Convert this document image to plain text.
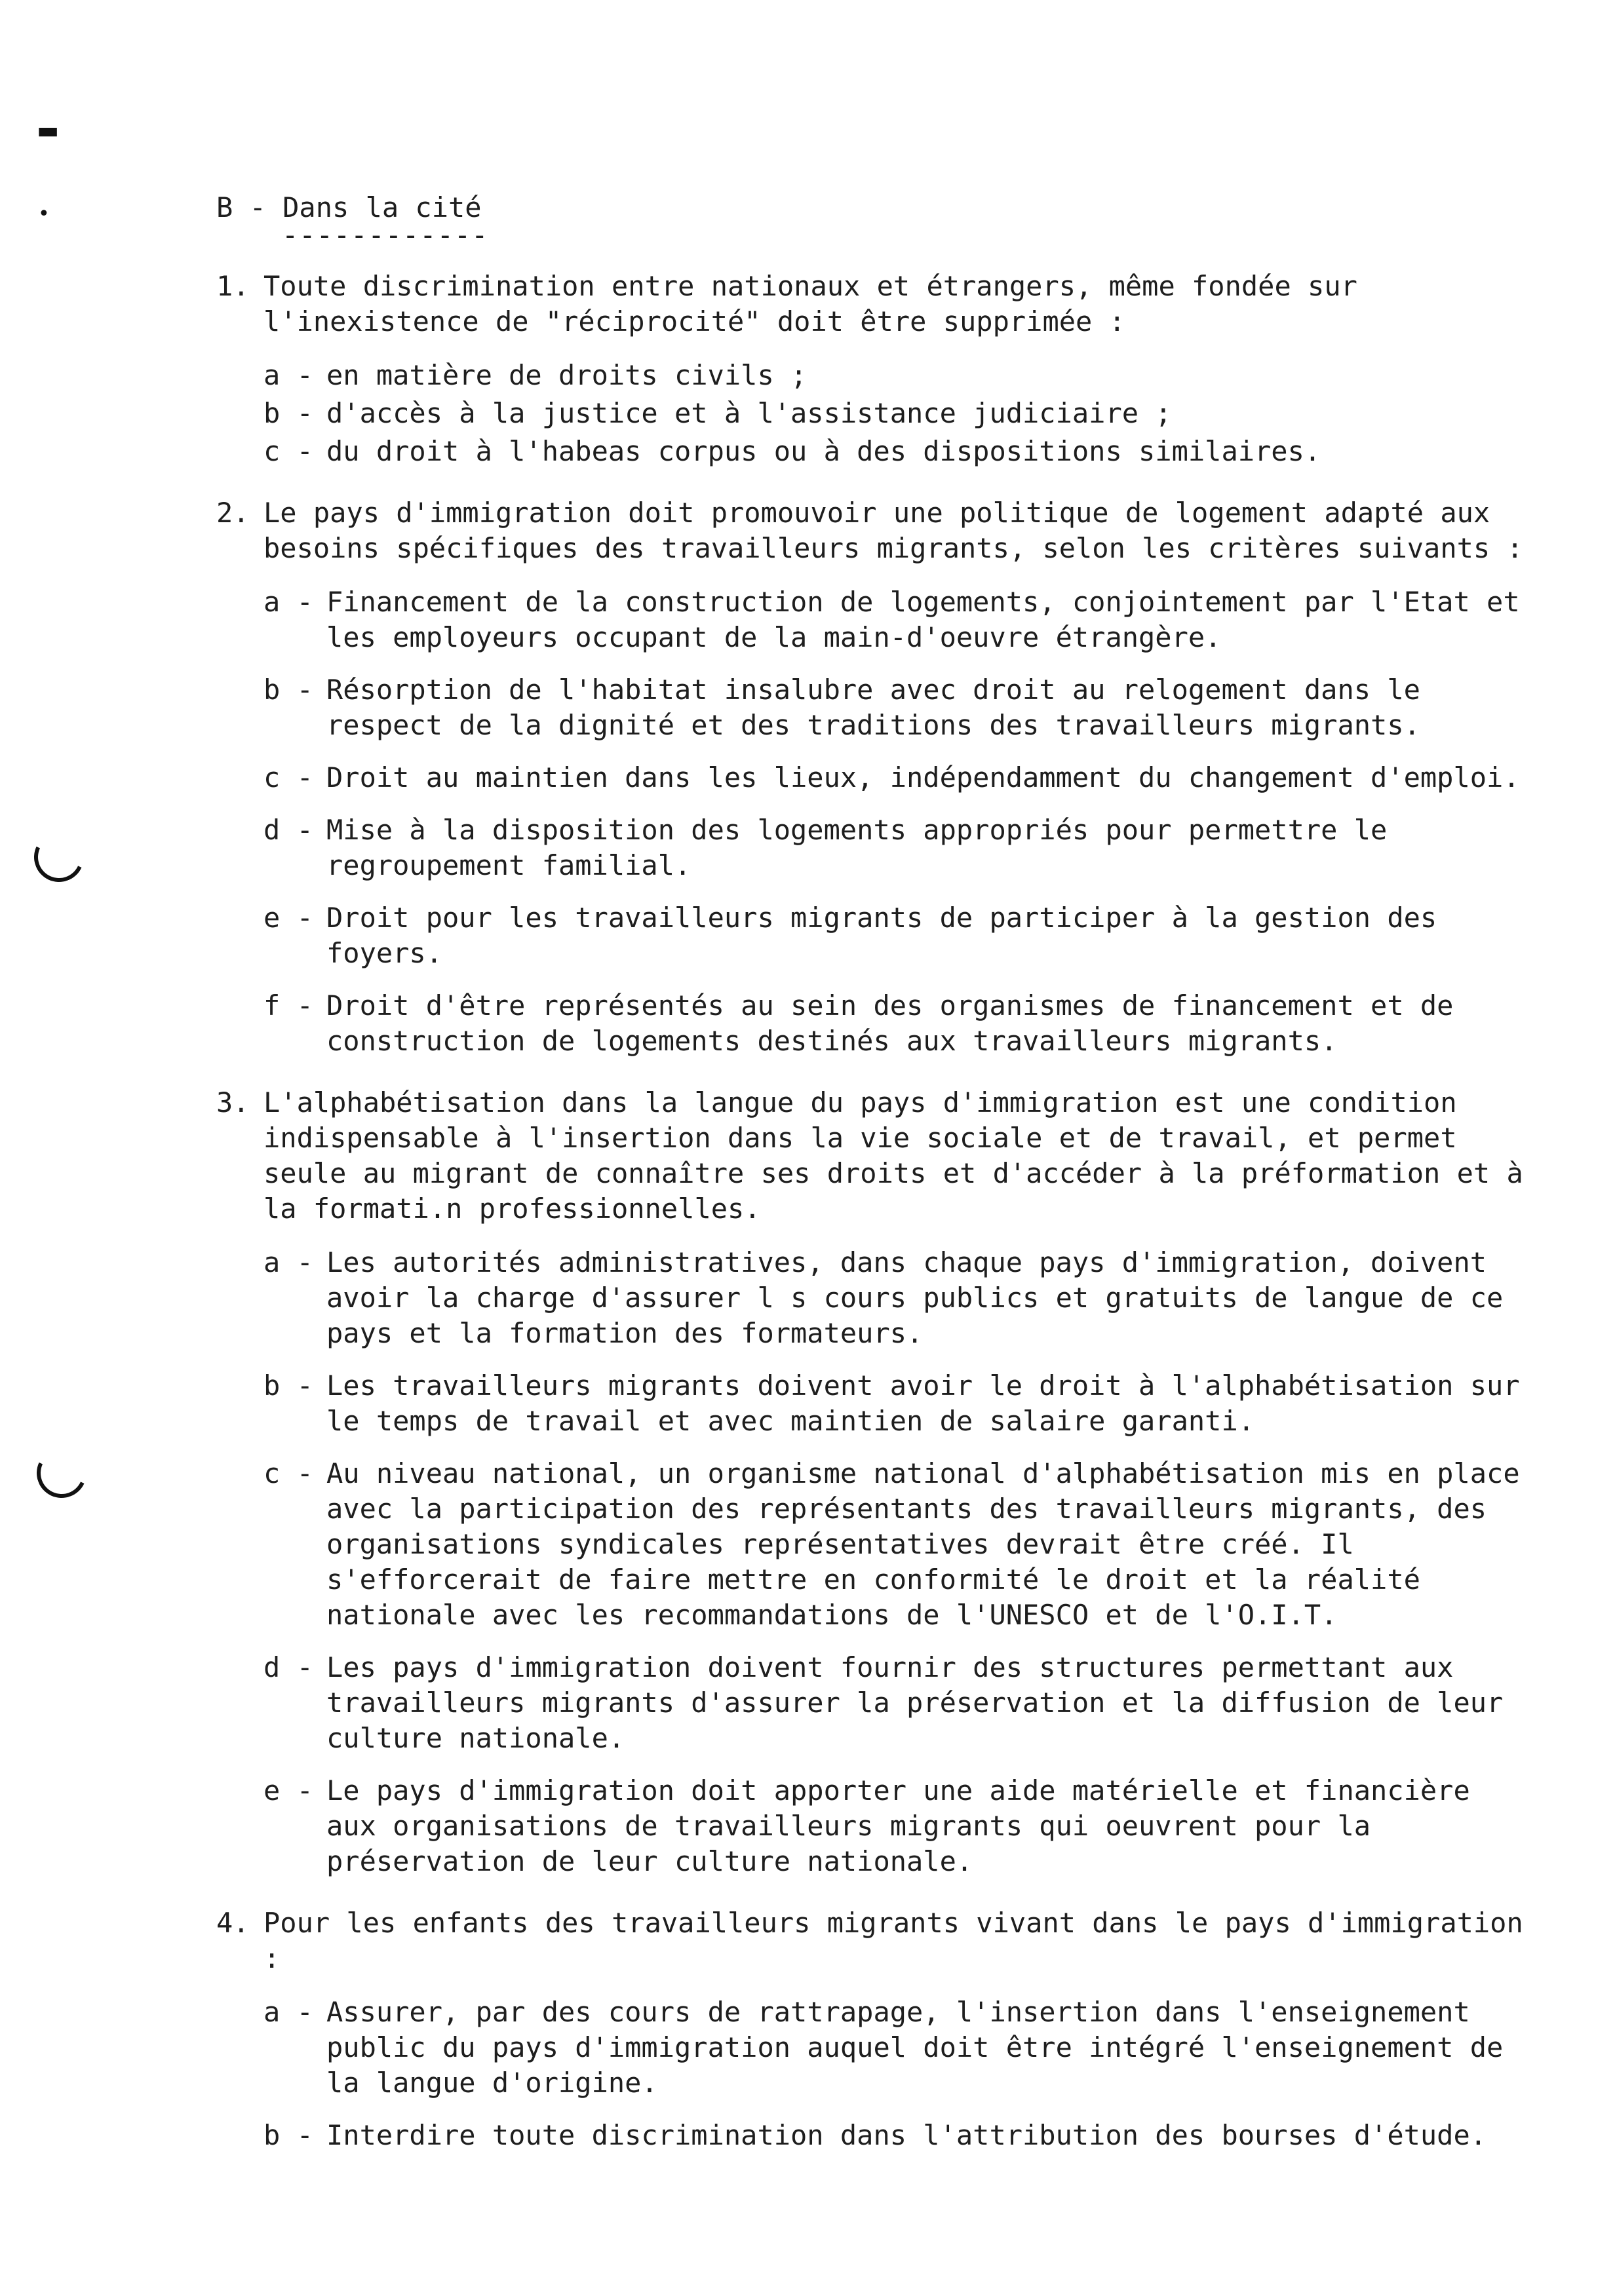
▬
•	B - Dans la cité
------------
1. Toute discrimination entre nationaux et étrangers, même fondée sur l'inexistence de "réciprocité" doit être supprimée :
a - en matière de droits civils ;
b - d'accès à la justice et à l'assistance judiciaire ;
c - du droit à l'habeas corpus ou à des dispositions similaires.
2. Le pays d'immigration doit promouvoir une politique de logement adapté aux besoins spécifiques des travailleurs migrants, selon les critères suivants :
a - Financement de la construction de logements, conjointement par l'Etat et les employeurs occupant de la main-d'oeuvre étrangère.
b - Résorption de l'habitat insalubre avec droit au relogement dans le respect de la dignité et des traditions des travailleurs migrants.
c - Droit au maintien dans les lieux, indépendamment du changement d'emploi.
d - Mise à la disposition des logements appropriés pour permettre le regroupement familial.
e - Droit pour les travailleurs migrants de participer à la gestion des foyers.
f - Droit d'être représentés au sein des organismes de financement et de construction de logements destinés aux travailleurs migrants.
3. L'alphabétisation dans la langue du pays d'immigration est une condition indispensable à l'insertion dans la vie sociale et de travail, et permet seule au migrant de connaître ses droits et d'accéder à la préformation et à la formati.n professionnelles.
a - Les autorités administratives, dans chaque pays d'immigration, doivent avoir la charge d'assurer l s cours publics et gratuits de langue de ce pays et la formation des formateurs.
b - Les travailleurs migrants doivent avoir le droit à l'alphabétisation sur le temps de travail et avec maintien de salaire garanti.
c - Au niveau national, un organisme national d'alphabétisation mis en place avec la participation des représentants des travailleurs migrants, des organisations syndicales représentatives devrait être créé. Il s'efforcerait de faire mettre en conformité le droit et la réalité nationale avec les recommandations de l'UNESCO et de l'O.I.T.
d - Les pays d'immigration doivent fournir des structures permettant aux travailleurs migrants d'assurer la préservation et la diffusion de leur culture nationale.
e - Le pays d'immigration doit apporter une aide matérielle et financière aux organisations de travailleurs migrants qui oeuvrent pour la préservation de leur culture nationale.
4. Pour les enfants des travailleurs migrants vivant dans le pays d'immigration :
a - Assurer, par des cours de rattrapage, l'insertion dans l'enseignement public du pays d'immigration auquel doit être intégré l'enseignement de la langue d'origine.
b - Interdire toute discrimination dans l'attribution des bourses d'étude.
